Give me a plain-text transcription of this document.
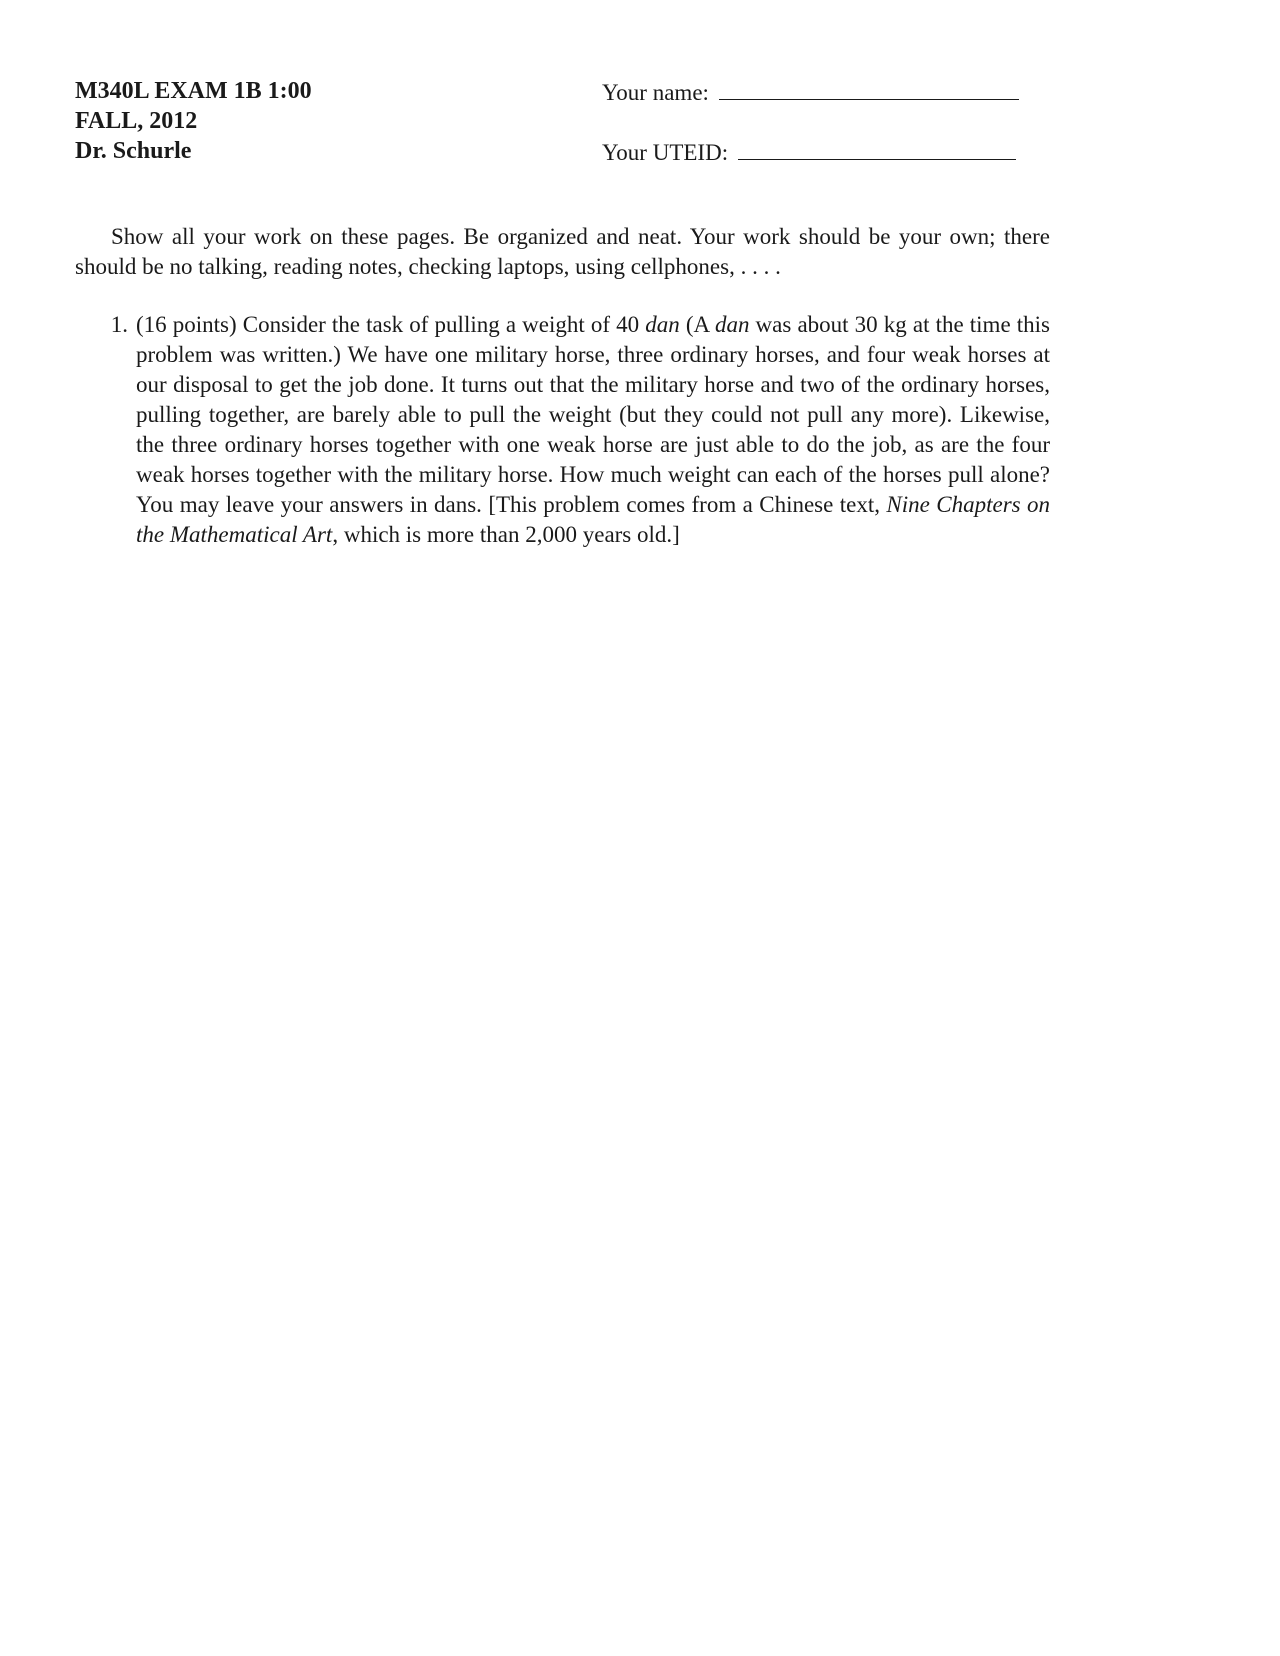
M340L EXAM 1B 1:00
FALL, 2012
Dr. Schurle
Your name:
Your UTEID:
Show all your work on these pages. Be organized and neat. Your work should be your own; there should be no talking, reading notes, checking laptops, using cellphones, . . . .
1. (16 points) Consider the task of pulling a weight of 40 dan (A dan was about 30 kg at the time this problem was written.) We have one military horse, three ordinary horses, and four weak horses at our disposal to get the job done. It turns out that the military horse and two of the ordinary horses, pulling together, are barely able to pull the weight (but they could not pull any more). Likewise, the three ordinary horses together with one weak horse are just able to do the job, as are the four weak horses together with the military horse. How much weight can each of the horses pull alone? You may leave your answers in dans. [This problem comes from a Chinese text, Nine Chapters on the Mathematical Art, which is more than 2,000 years old.]
